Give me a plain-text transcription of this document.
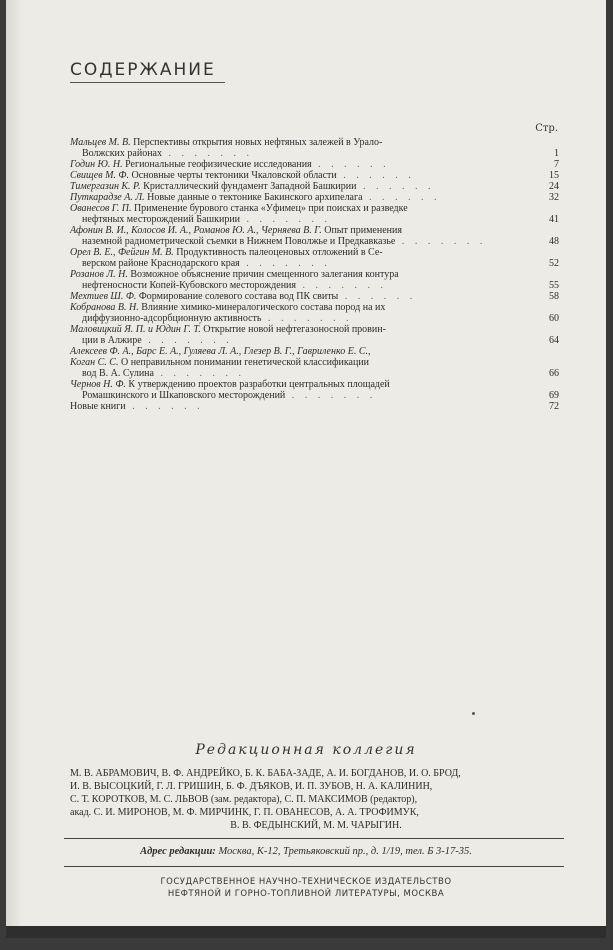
СОДЕРЖАНИЕ
Стр.
Мальцев М. В. Перспективы открытия новых нефтяных залежей в Урало-
Волжских районах . . . . . . .	1
Годин Ю. Н. Региональные геофизические исследования . . . . . .	7
Свищев М. Ф. Основные черты тектоники Чкаловской области . . . . . .	15
Тимергазин К. Р. Кристаллический фундамент Западной Башкирии . . . . . .	24
Путкарадзе А. Л. Новые данные о тектонике Бакинского архипелага . . . . . .	32
Ованесов Г. П. Применение бурового станка «Уфимец» при поисках и разведке
нефтяных месторождений Башкирии . . . . . . .	41
Афонин В. И., Колосов И. А., Романов Ю. А., Черняева В. Г. Опыт применения
наземной радиометрической съемки в Нижнем Поволжье и Предкавказье . . . . . . .	48
Орел В. Е., Фейгин М. В. Продуктивность палеоценовых отложений в Се-
верском районе Краснодарского края . . . . . . .	52
Розанов Л. Н. Возможное объяснение причин смещенного залегания контура
нефтеносности Копей-Кубовского месторождения . . . . . . .	55
Мехтиев Ш. Ф. Формирование солевого состава вод ПК свиты . . . . . .	58
Кобранова В. Н. Влияние химико-минералогического состава пород на их
диффузионно-адсорбционную активность . . . . . . .	60
Маловицкий Я. П. и Юдин Г. Т. Открытие новой нефтегазоносной провин-
ции в Алжире . . . . . . .	64
Алексеев Ф. А., Барс Е. А., Гуляева Л. А., Глезер В. Г., Гавриленко Е. С.,
Коган С. С. О неправильном понимании генетической классификации
вод В. А. Сулина . . . . . . .	66
Чернов Н. Ф. К утверждению проектов разработки центральных площадей
Ромашкинского и Шкаповского месторождений . . . . . . .	69
Новые книги . . . . . .	72
Редакционная коллегия
М. В. АБРАМОВИЧ, В. Ф. АНДРЕЙКО, Б. К. БАБА-ЗАДЕ, А. И. БОГДАНОВ, И. О. БРОД,
И. В. ВЫСОЦКИЙ, Г. Л. ГРИШИН, Б. Ф. ДЪЯКОВ, И. П. ЗУБОВ, Н. А. КАЛИНИН,
С. Т. КОРОТКОВ, М. С. ЛЬВОВ (зам. редактора), С. П. МАКСИМОВ (редактор),
акад. С. И. МИРОНОВ, М. Ф. МИРЧИНК, Г. П. ОВАНЕСОВ, А. А. ТРОФИМУК,
В. В. ФЕДЫНСКИЙ, М. М. ЧАРЫГИН.
Адрес редакции: Москва, К-12, Третьяковский пр., д. 1/19, тел. Б 3-17-35.
ГОСУДАРСТВЕННОЕ НАУЧНО-ТЕХНИЧЕСКОЕ ИЗДАТЕЛЬСТВО
НЕФТЯНОЙ И ГОРНО-ТОПЛИВНОЙ ЛИТЕРАТУРЫ, МОСКВА
